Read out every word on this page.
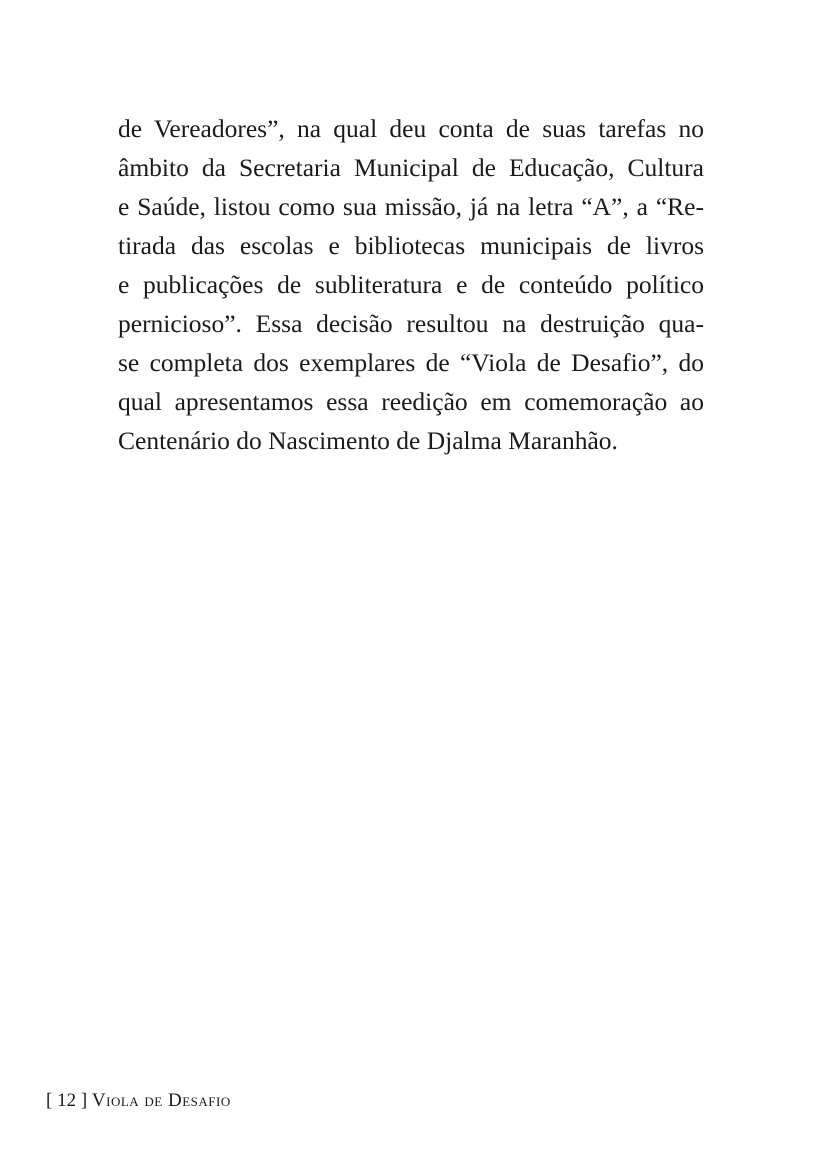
de Vereadores”, na qual deu conta de suas tarefas no
âmbito da Secretaria Municipal de Educação, Cultura
e Saúde, listou como sua missão, já na letra “A”, a “Re-
tirada das escolas e bibliotecas municipais de livros
e publicações de subliteratura e de conteúdo político
pernicioso”. Essa decisão resultou na destruição qua-
se completa dos exemplares de “Viola de Desafio”, do
qual apresentamos essa reedição em comemoração ao
Centenário do Nascimento de Djalma Maranhão.

[ 12 ] Viola de Desafio
